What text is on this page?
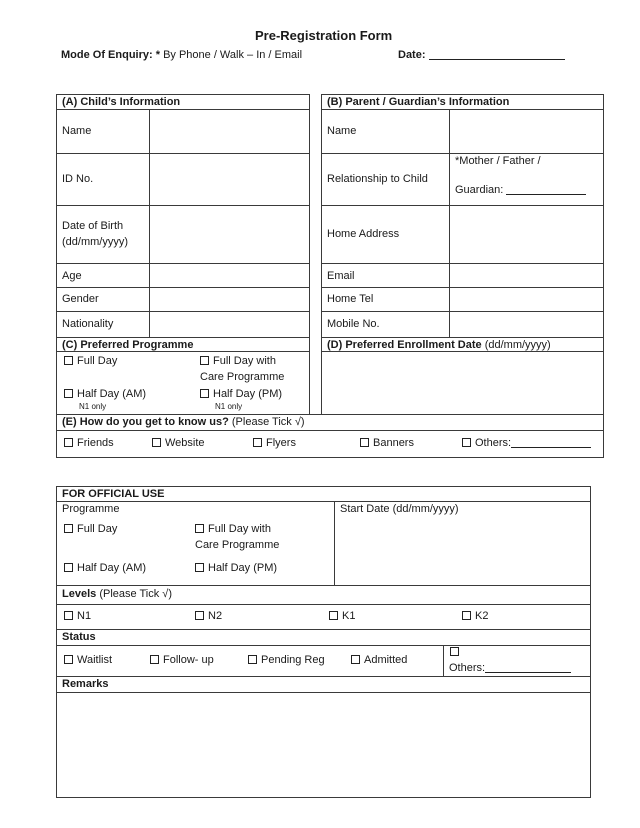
Pre-Registration Form
Mode Of Enquiry: * By Phone / Walk – In / Email	Date:
(A) Child’s Information
Name
ID No.
Date of Birth
(dd/mm/yyyy)
Age
Gender
Nationality
(B) Parent / Guardian’s Information
Name
Relationship to Child
*Mother / Father /
Guardian:
Home Address
Email
Home Tel
Mobile No.
(C) Preferred Programme
Full Day	Full Day with
Care Programme
Half Day (AM)
N1 only
Half Day (PM)
N1 only
(D) Preferred Enrollment Date (dd/mm/yyyy)
(E) How do you get to know us? (Please Tick √)
Friends	Website	Flyers	Banners	Others:
FOR OFFICIAL USE
Programme	Start Date (dd/mm/yyyy)
Full Day	Full Day with
Care Programme
Half Day (AM)	Half Day (PM)
Levels (Please Tick √)
N1	N2	K1	K2
Status
Waitlist	Follow- up	Pending Reg	Admitted
Others:
Remarks
